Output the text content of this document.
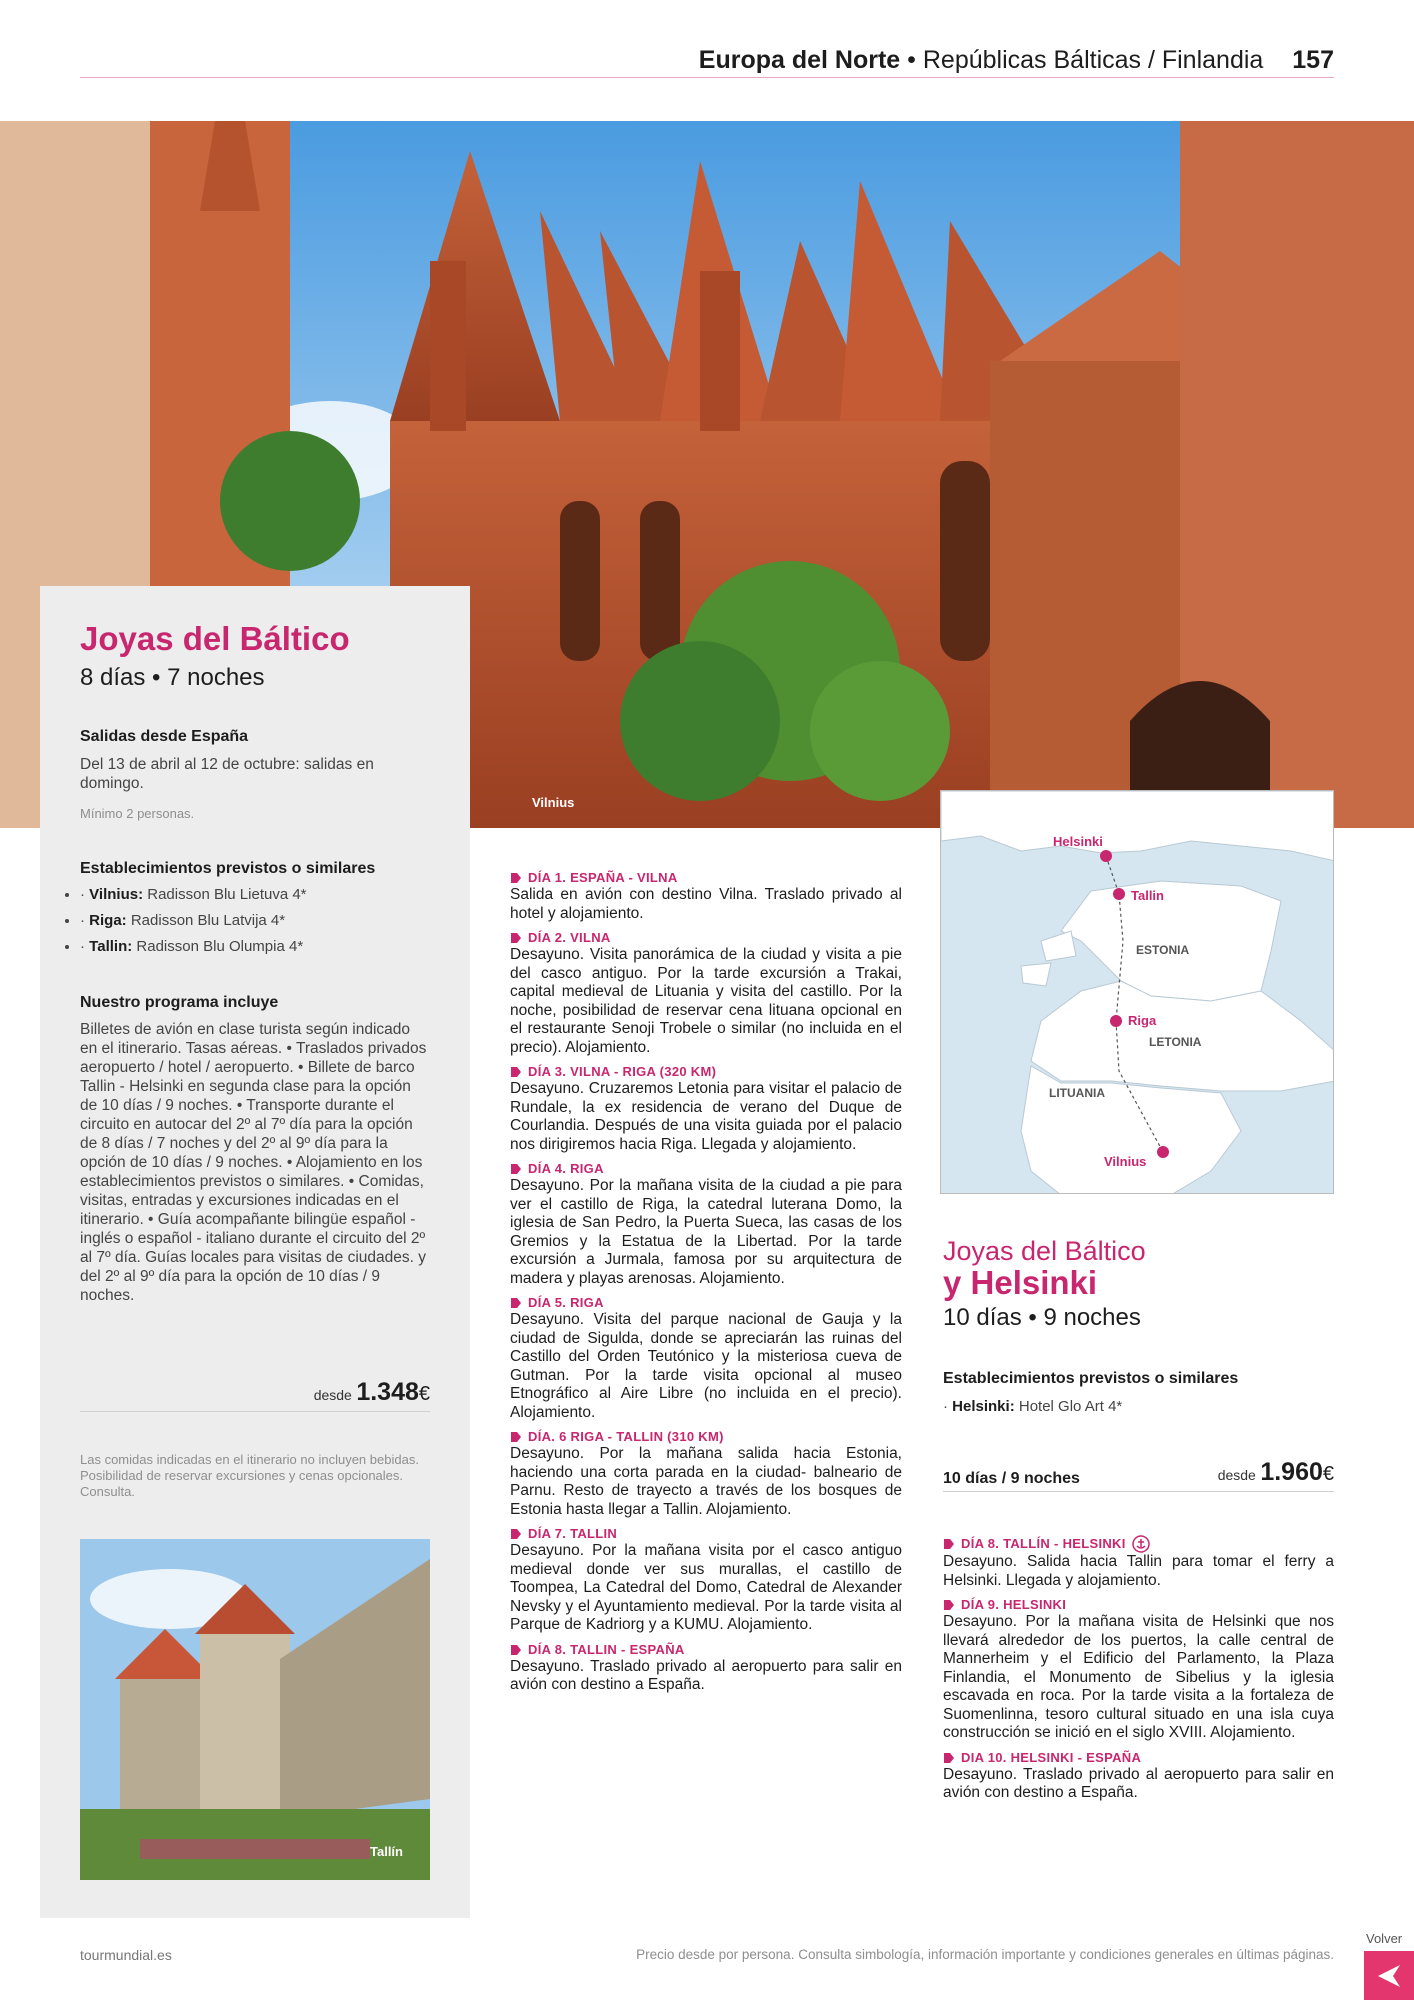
Europa del Norte • Repúblicas Bálticas / Finlandia 157
Vilnius
Joyas del Báltico
8 días • 7 noches
Salidas desde España
Del 13 de abril al 12 de octubre: salidas en domingo.
Mínimo 2 personas.
Establecimientos previstos o similares
• · Vilnius: Radisson Blu Lietuva 4*
• · Riga: Radisson Blu Latvija 4*
• · Tallin: Radisson Blu Olumpia 4*
Nuestro programa incluye
Billetes de avión en clase turista según indicado en el itinerario. Tasas aéreas. • Traslados privados aeropuerto / hotel / aeropuerto. • Billete de barco Tallin - Helsinki en segunda clase para la opción de 10 días / 9 noches. • Transporte durante el circuito en autocar del 2º al 7º día para la opción de 8 días / 7 noches y del 2º al 9º día para la opción de 10 días / 9 noches. • Alojamiento en los establecimientos previstos o similares. • Comidas, visitas, entradas y excursiones indicadas en el itinerario. • Guía acompañante bilingüe español - inglés o español - italiano durante el circuito del 2º al 7º día. Guías locales para visitas de ciudades. y del 2º al 9º día para la opción de 10 días / 9 noches.
desde 1.348€
Las comidas indicadas en el itinerario no incluyen bebidas. Posibilidad de reservar excursiones y cenas opcionales. Consulta.
Tallín
DÍA 1. ESPAÑA - VILNA
Salida en avión con destino Vilna. Traslado privado al hotel y alojamiento.
DÍA 2. VILNA
Desayuno. Visita panorámica de la ciudad y visita a pie del casco antiguo. Por la tarde excursión a Trakai, capital medieval de Lituania y visita del castillo. Por la noche, posibilidad de reservar cena lituana opcional en el restaurante Senoji Trobele o similar (no incluida en el precio). Alojamiento.
DÍA 3. VILNA - RIGA (320 KM)
Desayuno. Cruzaremos Letonia para visitar el palacio de Rundale, la ex residencia de verano del Duque de Courlandia. Después de una visita guiada por el palacio nos dirigiremos hacia Riga. Llegada y alojamiento.
DÍA 4. RIGA
Desayuno. Por la mañana visita de la ciudad a pie para ver el castillo de Riga, la catedral luterana Domo, la iglesia de San Pedro, la Puerta Sueca, las casas de los Gremios y la Estatua de la Libertad. Por la tarde excursión a Jurmala, famosa por su arquitectura de madera y playas arenosas. Alojamiento.
DÍA 5. RIGA
Desayuno. Visita del parque nacional de Gauja y la ciudad de Sigulda, donde se apreciarán las ruinas del Castillo del Orden Teutónico y la misteriosa cueva de Gutman. Por la tarde visita opcional al museo Etnográfico al Aire Libre (no incluida en el precio). Alojamiento.
DÍA. 6 RIGA - TALLIN (310 KM)
Desayuno. Por la mañana salida hacia Estonia, haciendo una corta parada en la ciudad- balneario de Parnu. Resto de trayecto a través de los bosques de Estonia hasta llegar a Tallin. Alojamiento.
DÍA 7. TALLIN
Desayuno. Por la mañana visita por el casco antiguo medieval donde ver sus murallas, el castillo de Toompea, La Catedral del Domo, Catedral de Alexander Nevsky y el Ayuntamiento medieval. Por la tarde visita al Parque de Kadriorg y a KUMU. Alojamiento.
DÍA 8. TALLIN - ESPAÑA
Desayuno. Traslado privado al aeropuerto para salir en avión con destino a España.
Helsinki
Tallin
ESTONIA
Riga
LETONIA
LITUANIA
Vilnius
Joyas del Báltico
y Helsinki
10 días • 9 noches
Establecimientos previstos o similares
· Helsinki: Hotel Glo Art 4*
10 días / 9 noches	desde 1.960€
DÍA 8. TALLÍN - HELSINKI
Desayuno. Salida hacia Tallin para tomar el ferry a Helsinki. Llegada y alojamiento.
DÍA 9. HELSINKI
Desayuno. Por la mañana visita de Helsinki que nos llevará alrededor de los puertos, la calle central de Mannerheim y el Edificio del Parlamento, la Plaza Finlandia, el Monumento de Sibelius y la iglesia escavada en roca. Por la tarde visita a la fortaleza de Suomenlinna, tesoro cultural situado en una isla cuya construcción se inició en el siglo XVIII. Alojamiento.
DIA 10. HELSINKI - ESPAÑA
Desayuno. Traslado privado al aeropuerto para salir en avión con destino a España.
tourmundial.es	Precio desde por persona. Consulta simbología, información importante y condiciones generales en últimas páginas.
Volver
